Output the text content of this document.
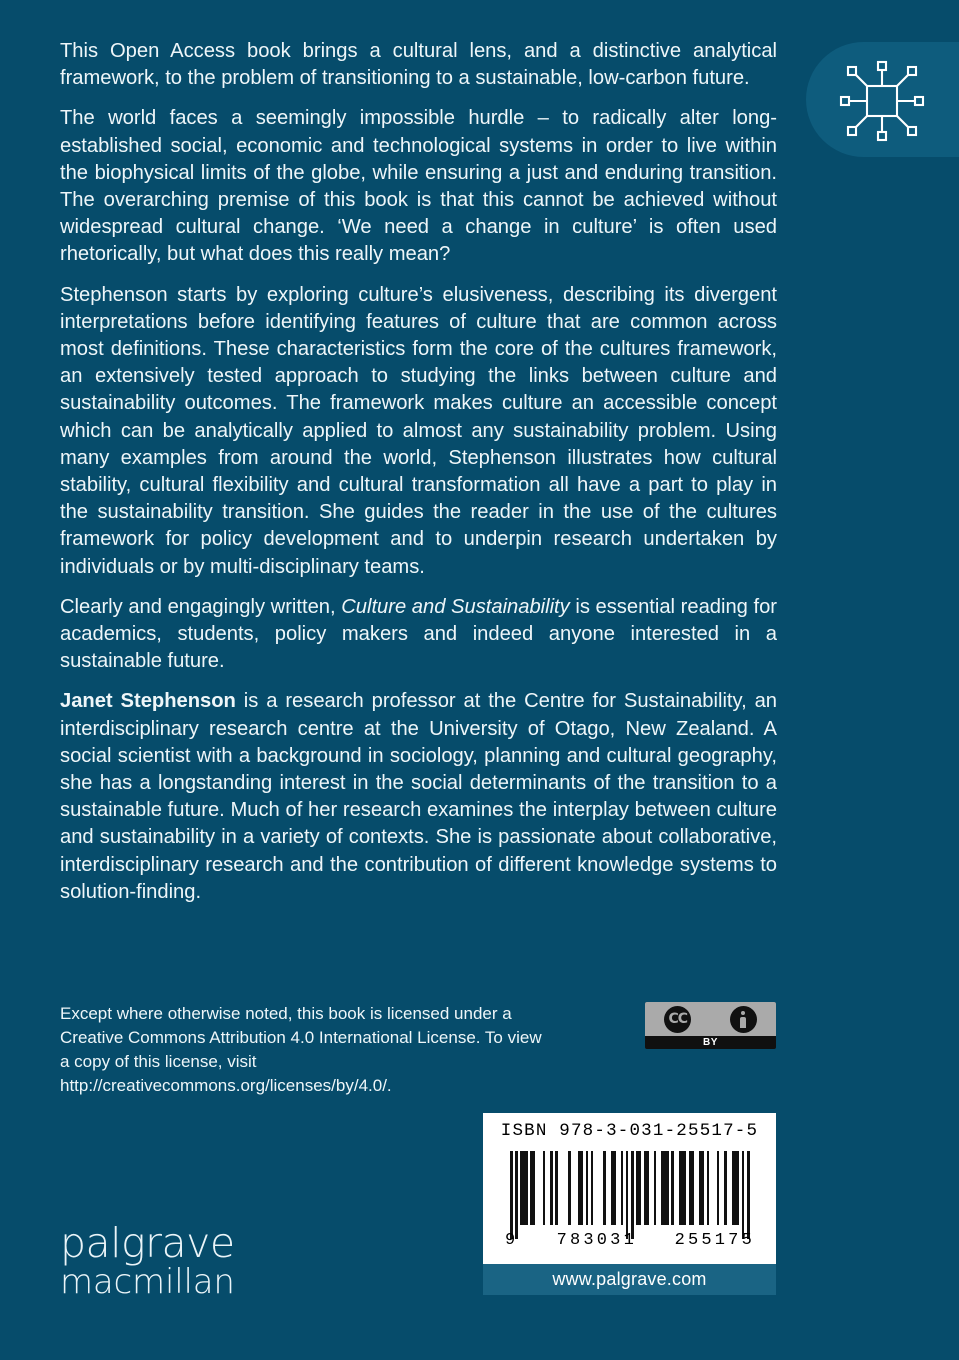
This Open Access book brings a cultural lens, and a distinctive analytical framework, to the problem of transitioning to a sustainable, low-carbon future.

The world faces a seemingly impossible hurdle – to radically alter long-established social, economic and technological systems in order to live within the biophysical limits of the globe, while ensuring a just and enduring transition. The overarching premise of this book is that this cannot be achieved without widespread cultural change. ‘We need a change in culture’ is often used rhetorically, but what does this really mean?

Stephenson starts by exploring culture’s elusiveness, describing its divergent interpretations before identifying features of culture that are common across most definitions. These characteristics form the core of the cultures framework, an extensively tested approach to studying the links between culture and sustainability outcomes. The framework makes culture an accessible concept which can be analytically applied to almost any sustainability problem. Using many examples from around the world, Stephenson illustrates how cultural stability, cultural flexibility and cultural transformation all have a part to play in the sustainability transition. She guides the reader in the use of the cultures framework for policy development and to underpin research undertaken by individuals or by multi-disciplinary teams.

Clearly and engagingly written, Culture and Sustainability is essential reading for academics, students, policy makers and indeed anyone interested in a sustainable future.

Janet Stephenson is a research professor at the Centre for Sustainability, an interdisciplinary research centre at the University of Otago, New Zealand. A social scientist with a background in sociology, planning and cultural geography, she has a longstanding interest in the social determinants of the transition to a sustainable future. Much of her research examines the interplay between culture and sustainability in a variety of contexts. She is passionate about collaborative, interdisciplinary research and the contribution of different knowledge systems to solution-finding.

Except where otherwise noted, this book is licensed under a Creative Commons Attribution 4.0 International License. To view a copy of this license, visit http://creativecommons.org/licenses/by/4.0/.
CC
BY
ISBN 978-3-031-25517-5
9 783031 255175
www.palgrave.com
palgrave
macmillan
